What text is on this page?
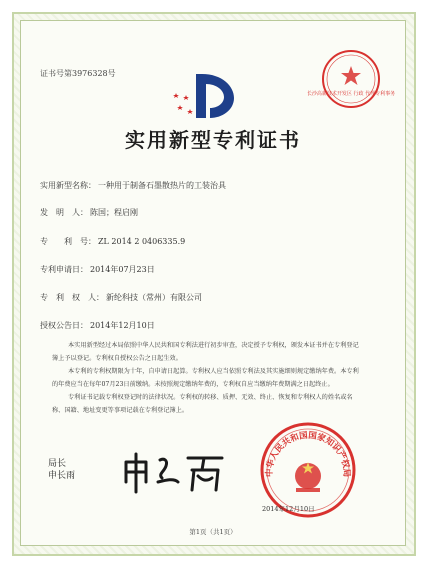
证书号第3976328号
长沙高新技术开发区 行政 代理专利事务
实用新型专利证书
实用新型名称： 一种用于制备石墨散热片的工装治具
发　明　人： 陈国；程启刚
专　　利　号： ZL 2014 2 0406335.9
专利申请日： 2014年07月23日
专　利　权　人： 新纶科技（常州）有限公司
授权公告日： 2014年12月10日

本实用新型经过本局依照中华人民共和国专利法进行初步审查，决定授予专利权，颁发本证书并在专利登记簿上予以登记。专利权自授权公告之日起生效。

本专利的专利权期限为十年，自申请日起算。专利权人应当依照专利法及其实施细则规定缴纳年费。本专利的年费应当在每年07月23日前缴纳。未按照规定缴纳年费的，专利权自应当缴纳年费期满之日起终止。

专利证书记载专利权登记时的法律状况。专利权的转移、质押、无效、终止、恢复和专利权人的姓名或名称、国籍、地址变更等事项记载在专利登记簿上。

局长
申长雨	中华人民共和国国家知识产权局
2014年12月10日
第1页（共1页）
